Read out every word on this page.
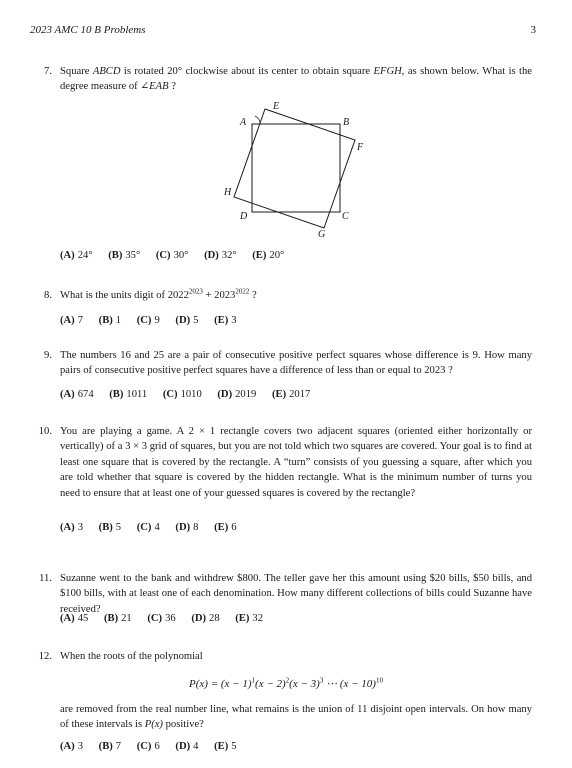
2023 AMC 10 B Problems	3
7. Square ABCD is rotated 20° clockwise about its center to obtain square EFGH, as shown below. What is the degree measure of ∠EAB ?
A	B
C
D
E
F
G
H
(A) 24° (B) 35° (C) 30° (D) 32° (E) 20°
8. What is the units digit of $2022^{2023} + 2023^{2022}$ ?
(A) 7 (B) 1 (C) 9 (D) 5 (E) 3
9. The numbers 16 and 25 are a pair of consecutive positive perfect squares whose difference is 9. How many pairs of consecutive positive perfect squares have a difference of less than or equal to 2023 ?
(A) 674 (B) 1011 (C) 1010 (D) 2019 (E) 2017
10. You are playing a game. A 2 × 1 rectangle covers two adjacent squares (oriented either horizontally or vertically) of a 3 × 3 grid of squares, but you are not told which two squares are covered. Your goal is to find at least one square that is covered by the rectangle. A “turn” consists of you guessing a square, after which you are told whether that square is covered by the hidden rectangle. What is the minimum number of turns you need to ensure that at least one of your guessed squares is covered by the rectangle?
(A) 3 (B) 5 (C) 4 (D) 8 (E) 6
11. Suzanne went to the bank and withdrew $800. The teller gave her this amount using $20 bills, $50 bills, and $100 bills, with at least one of each denomination. How many different collections of bills could Suzanne have received?
(A) 45 (B) 21 (C) 36 (D) 28 (E) 32
12. When the roots of the polynomial
$P(x) = (x - 1)^1(x - 2)^2(x - 3)^3$ ⋯ $(x - 10)^{10}$
are removed from the real number line, what remains is the union of 11 disjoint open intervals. On how many of these intervals is P(x) positive?
(A) 3 (B) 7 (C) 6 (D) 4 (E) 5
